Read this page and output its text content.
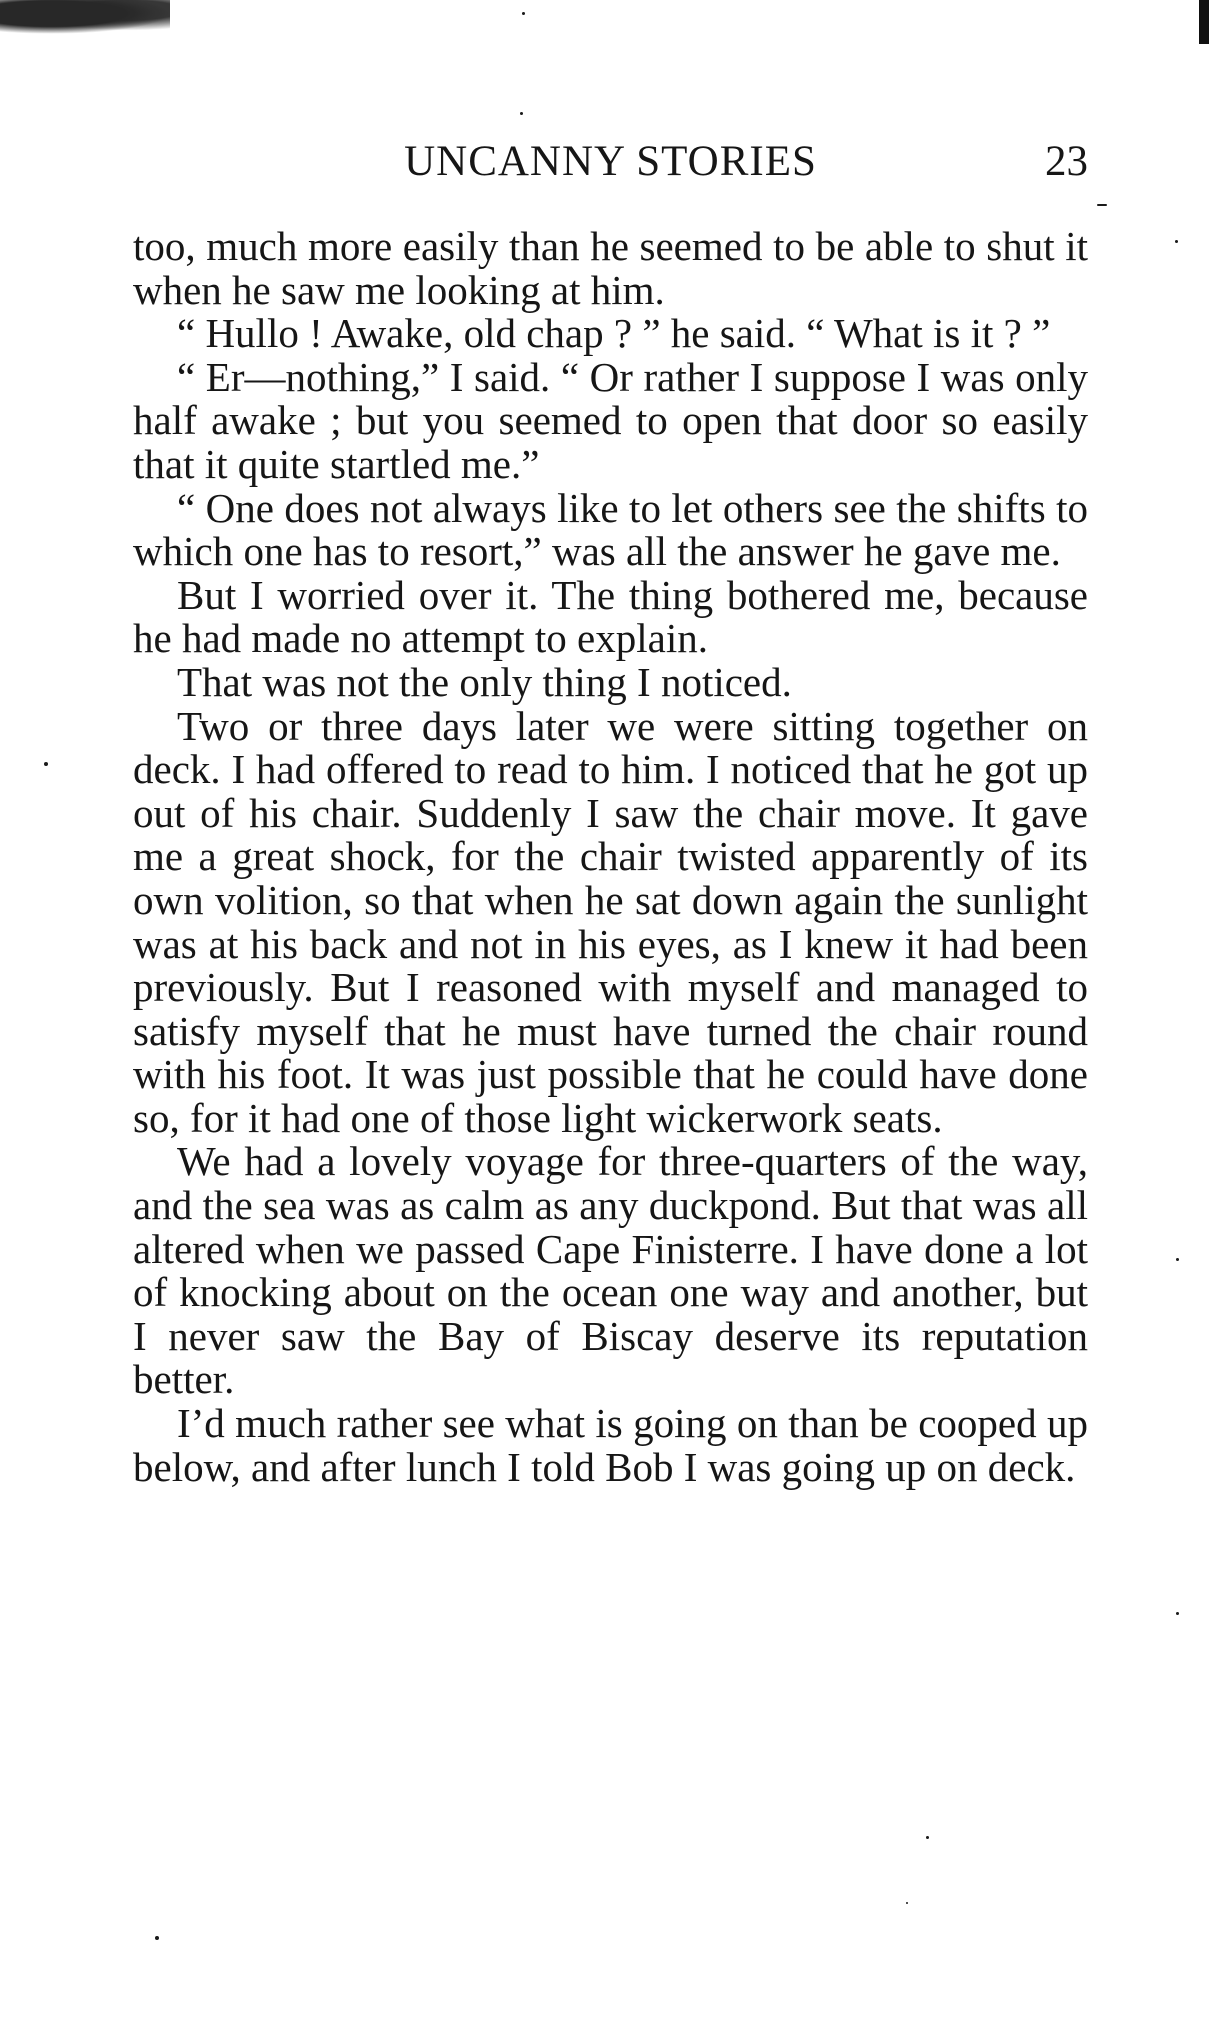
UNCANNY STORIES	23

too, much more easily than he seemed to be able to shut it when he saw me looking at him.

“ Hullo ! Awake, old chap ? ” he said. “ What is it ? ”

“ Er—nothing,” I said. “ Or rather I suppose I was only half awake ; but you seemed to open that door so easily that it quite startled me.”

“ One does not always like to let others see the shifts to which one has to resort,” was all the answer he gave me.

But I worried over it. The thing bothered me, because he had made no attempt to explain.

That was not the only thing I noticed.

Two or three days later we were sitting together on deck. I had offered to read to him. I noticed that he got up out of his chair. Suddenly I saw the chair move. It gave me a great shock, for the chair twisted apparently of its own volition, so that when he sat down again the sunlight was at his back and not in his eyes, as I knew it had been previously. But I reasoned with myself and managed to satisfy myself that he must have turned the chair round with his foot. It was just possible that he could have done so, for it had one of those light wickerwork seats.

We had a lovely voyage for three-quarters of the way, and the sea was as calm as any duckpond. But that was all altered when we passed Cape Finisterre. I have done a lot of knocking about on the ocean one way and another, but I never saw the Bay of Biscay deserve its reputation better.

I’d much rather see what is going on than be cooped up below, and after lunch I told Bob I was going up on deck.
